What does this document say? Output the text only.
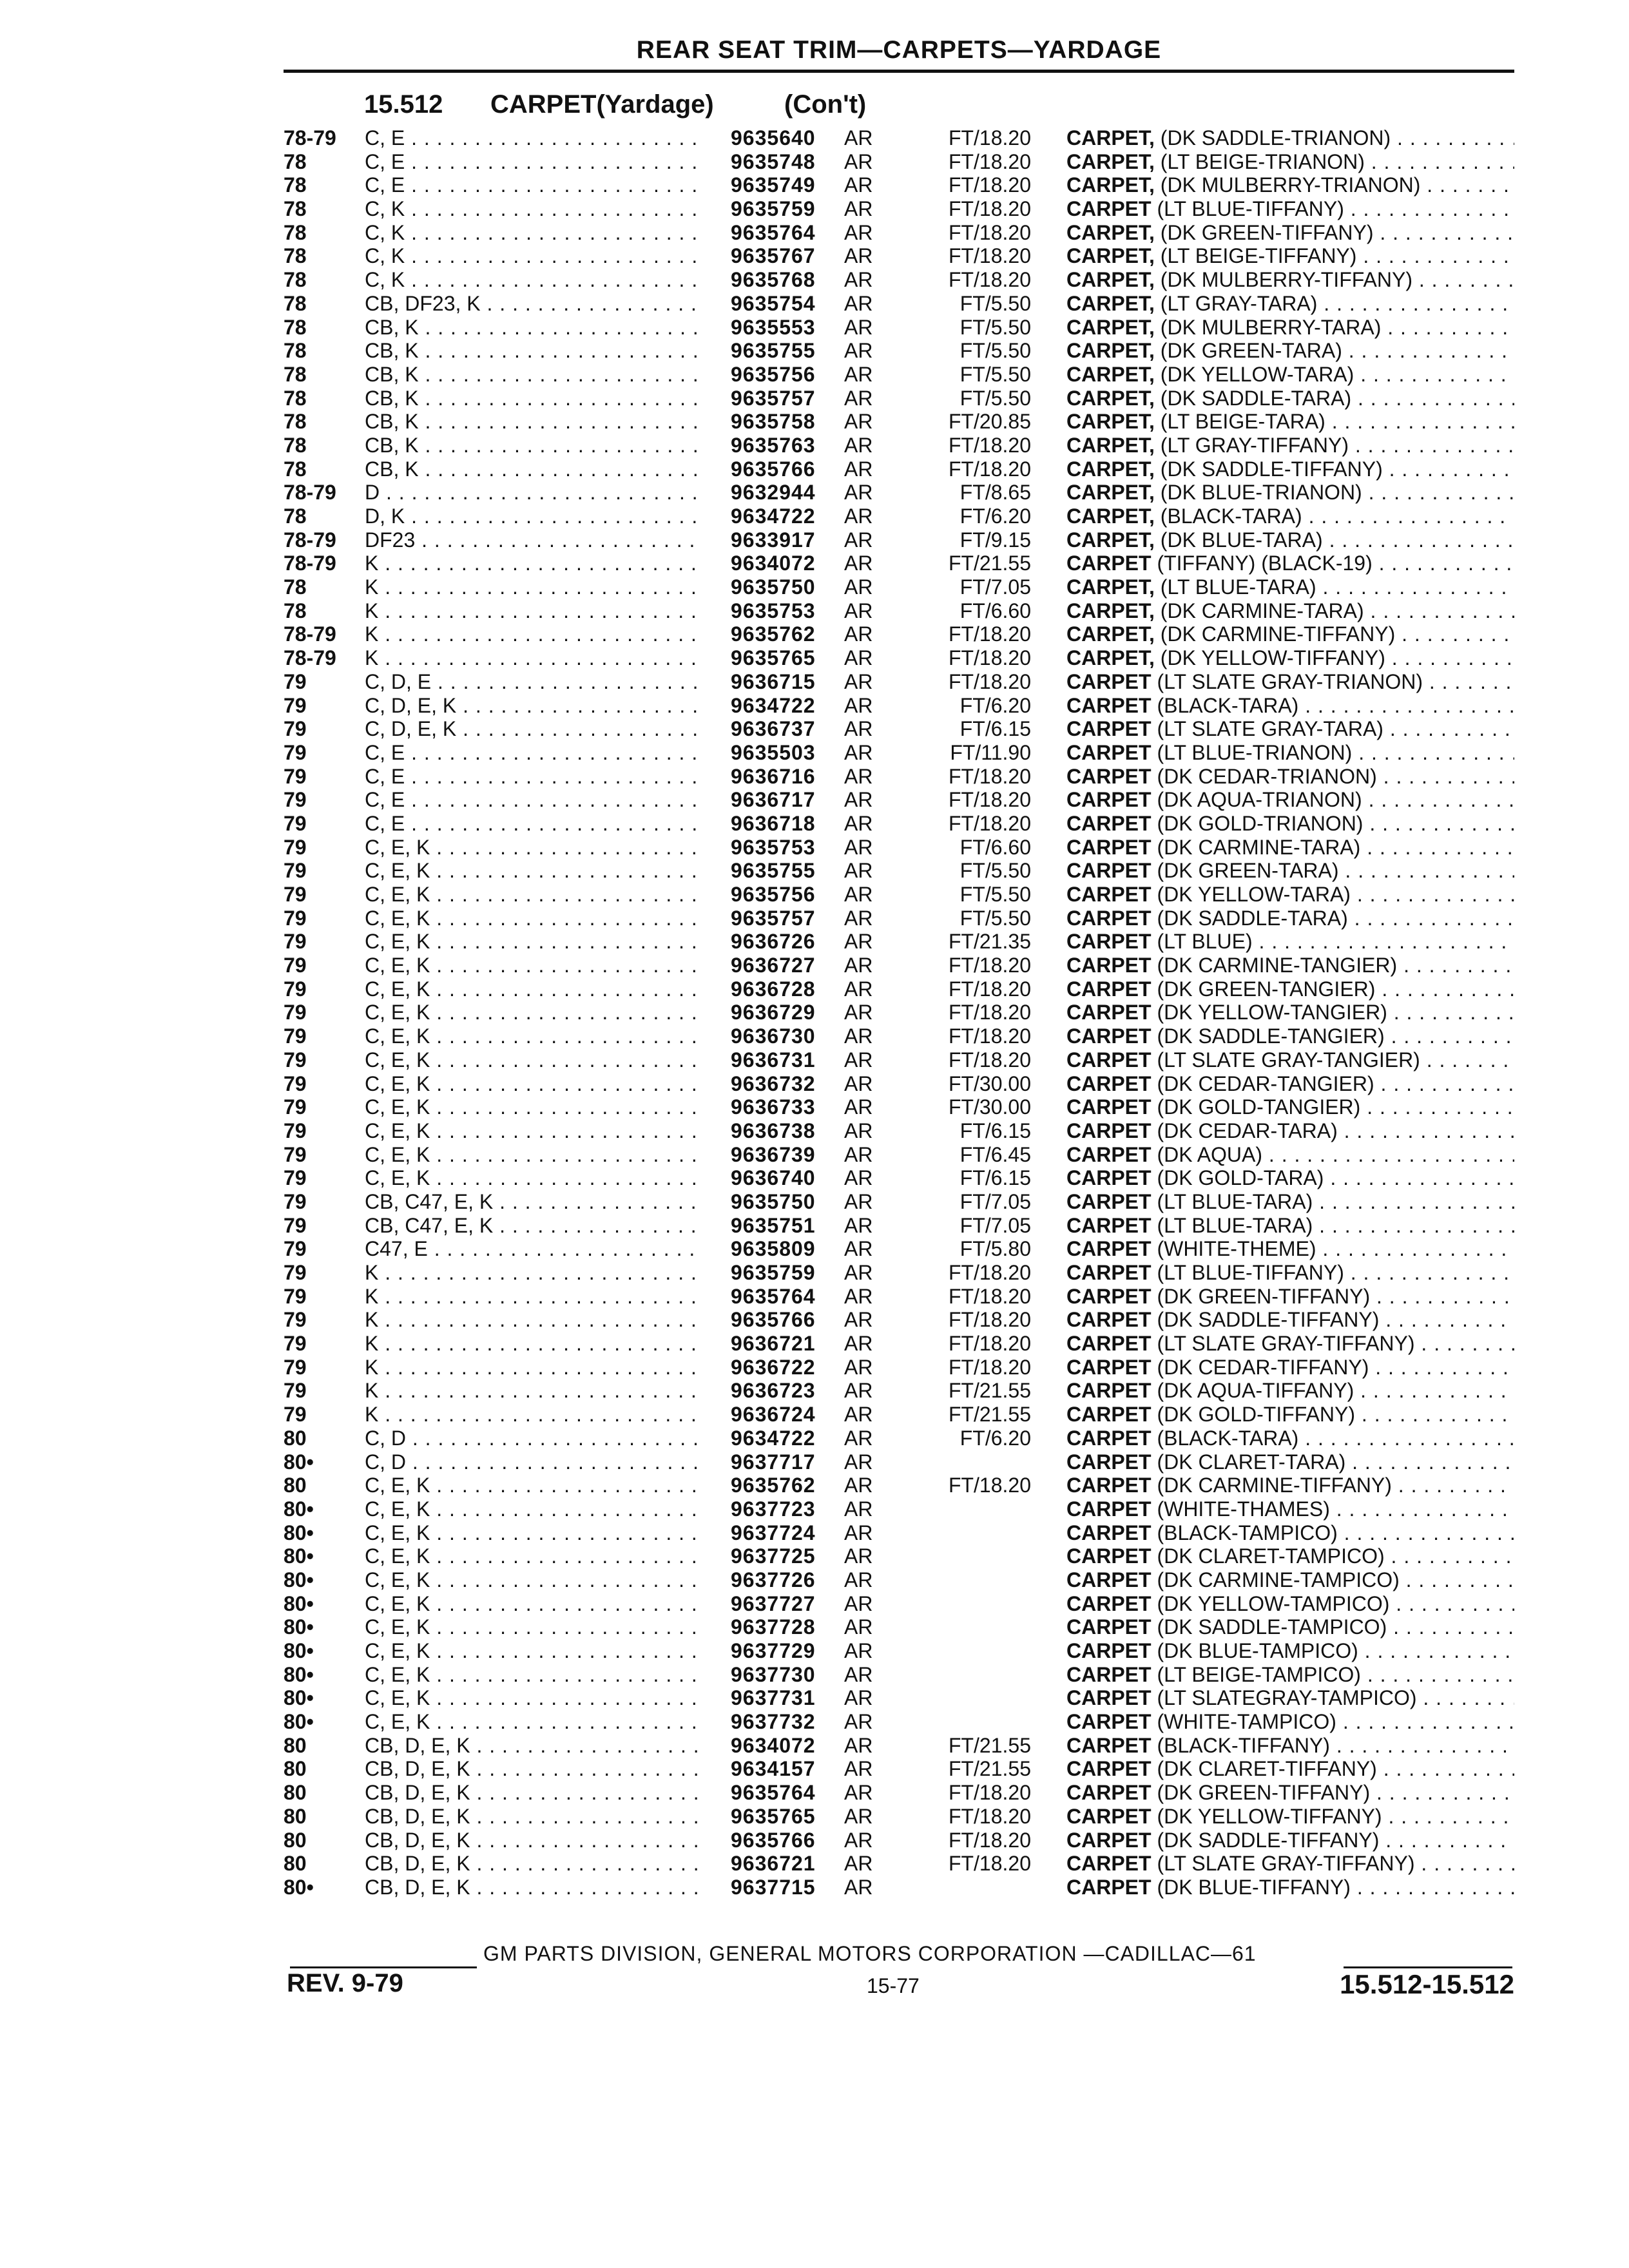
REAR SEAT TRIM—CARPETS—YARDAGE
15.512 CARPET(Yardage)	(Con't)
78-79 C, E . . .	9635640 AR	FT/18.20 CARPET, (DK SADDLE-TRIANON) . . .
78	C, E . . .	9635748 AR	FT/18.20 CARPET, (LT BEIGE-TRIANON) . . .
78	C, E . . .	9635749 AR	FT/18.20 CARPET, (DK MULBERRY-TRIANON) . . .
78	C, K . . .	9635759 AR	FT/18.20 CARPET (LT BLUE-TIFFANY) . . .
78	C, K . . .	9635764 AR	FT/18.20 CARPET, (DK GREEN-TIFFANY) . . .
78	C, K . . .	9635767 AR	FT/18.20 CARPET, (LT BEIGE-TIFFANY) . . .
78	C, K . . .	9635768 AR	FT/18.20 CARPET, (DK MULBERRY-TIFFANY) . . .
78	CB, DF23, K . . .	9635754 AR	FT/5.50 CARPET, (LT GRAY-TARA) . . .
78	CB, K . . .	9635553 AR	FT/5.50 CARPET, (DK MULBERRY-TARA) . . .
78	CB, K . . .	9635755 AR	FT/5.50 CARPET, (DK GREEN-TARA) . . .
78	CB, K . . .	9635756 AR	FT/5.50 CARPET, (DK YELLOW-TARA) . . .
78	CB, K . . .	9635757 AR	FT/5.50 CARPET, (DK SADDLE-TARA) . . .
78	CB, K . . .	9635758 AR	FT/20.85 CARPET, (LT BEIGE-TARA) . . .
78	CB, K . . .	9635763 AR	FT/18.20 CARPET, (LT GRAY-TIFFANY) . . .
78	CB, K . . .	9635766 AR	FT/18.20 CARPET, (DK SADDLE-TIFFANY) . . .
78-79 D . . .	9632944 AR	FT/8.65 CARPET, (DK BLUE-TRIANON) . . .
78	D, K . . .	9634722 AR	FT/6.20 CARPET, (BLACK-TARA) . . .
78-79 DF23 . . .	9633917 AR	FT/9.15 CARPET, (DK BLUE-TARA) . . .
78-79 K . . .	9634072 AR	FT/21.55 CARPET (TIFFANY) (BLACK-19) . . .
78	K . . .	9635750 AR	FT/7.05 CARPET, (LT BLUE-TARA) . . .
78	K . . .	9635753 AR	FT/6.60 CARPET, (DK CARMINE-TARA) . . .
78-79 K . . .	9635762 AR	FT/18.20 CARPET, (DK CARMINE-TIFFANY) . . .
78-79 K . . .	9635765 AR	FT/18.20 CARPET, (DK YELLOW-TIFFANY) . . .
79	C, D, E . . .	9636715 AR	FT/18.20 CARPET (LT SLATE GRAY-TRIANON) . . .
79	C, D, E, K . . .	9634722 AR	FT/6.20 CARPET (BLACK-TARA) . . .
79	C, D, E, K . . .	9636737 AR	FT/6.15 CARPET (LT SLATE GRAY-TARA) . . .
79	C, E . . .	9635503 AR	FT/11.90 CARPET (LT BLUE-TRIANON) . . .
79	C, E . . .	9636716 AR	FT/18.20 CARPET (DK CEDAR-TRIANON) . . .
79	C, E . . .	9636717 AR	FT/18.20 CARPET (DK AQUA-TRIANON) . . .
79	C, E . . .	9636718 AR	FT/18.20 CARPET (DK GOLD-TRIANON) . . .
79	C, E, K . . .	9635753 AR	FT/6.60 CARPET (DK CARMINE-TARA) . . .
79	C, E, K . . .	9635755 AR	FT/5.50 CARPET (DK GREEN-TARA) . . .
79	C, E, K . . .	9635756 AR	FT/5.50 CARPET (DK YELLOW-TARA) . . .
79	C, E, K . . .	9635757 AR	FT/5.50 CARPET (DK SADDLE-TARA) . . .
79	C, E, K . . .	9636726 AR	FT/21.35 CARPET (LT BLUE) . . .
79	C, E, K . . .	9636727 AR	FT/18.20 CARPET (DK CARMINE-TANGIER) . . .
79	C, E, K . . .	9636728 AR	FT/18.20 CARPET (DK GREEN-TANGIER) . . .
79	C, E, K . . .	9636729 AR	FT/18.20 CARPET (DK YELLOW-TANGIER) . . .
79	C, E, K . . .	9636730 AR	FT/18.20 CARPET (DK SADDLE-TANGIER) . . .
79	C, E, K . . .	9636731 AR	FT/18.20 CARPET (LT SLATE GRAY-TANGIER) . . .
79	C, E, K . . .	9636732 AR	FT/30.00 CARPET (DK CEDAR-TANGIER) . . .
79	C, E, K . . .	9636733 AR	FT/30.00 CARPET (DK GOLD-TANGIER) . . .
79	C, E, K . . .	9636738 AR	FT/6.15 CARPET (DK CEDAR-TARA) . . .
79	C, E, K . . .	9636739 AR	FT/6.45 CARPET (DK AQUA) . . .
79	C, E, K . . .	9636740 AR	FT/6.15 CARPET (DK GOLD-TARA) . . .
79	CB, C47, E, K . . .	9635750 AR	FT/7.05 CARPET (LT BLUE-TARA) . . .
79	CB, C47, E, K . . .	9635751 AR	FT/7.05 CARPET (LT BLUE-TARA) . . .
79	C47, E . . .	9635809 AR	FT/5.80 CARPET (WHITE-THEME) . . .
79	K . . .	9635759 AR	FT/18.20 CARPET (LT BLUE-TIFFANY) . . .
79	K . . .	9635764 AR	FT/18.20 CARPET (DK GREEN-TIFFANY) . . .
79	K . . .	9635766 AR	FT/18.20 CARPET (DK SADDLE-TIFFANY) . . .
79	K . . .	9636721 AR	FT/18.20 CARPET (LT SLATE GRAY-TIFFANY) . . .
79	K . . .	9636722 AR	FT/18.20 CARPET (DK CEDAR-TIFFANY) . . .
79	K . . .	9636723 AR	FT/21.55 CARPET (DK AQUA-TIFFANY) . . .
79	K . . .	9636724 AR	FT/21.55 CARPET (DK GOLD-TIFFANY) . . .
80	C, D . . .	9634722 AR	FT/6.20 CARPET (BLACK-TARA) . . .
80• C, D . . .	9637717 AR	CARPET (DK CLARET-TARA) . . .
80	C, E, K . . .	9635762 AR	FT/18.20 CARPET (DK CARMINE-TIFFANY) . . .
80• C, E, K . . .	9637723 AR	CARPET (WHITE-THAMES) . . .
80• C, E, K . . .	9637724 AR	CARPET (BLACK-TAMPICO) . . .
80• C, E, K . . .	9637725 AR	CARPET (DK CLARET-TAMPICO) . . .
80• C, E, K . . .	9637726 AR	CARPET (DK CARMINE-TAMPICO) . . .
80• C, E, K . . .	9637727 AR	CARPET (DK YELLOW-TAMPICO) . . .
80• C, E, K . . .	9637728 AR	CARPET (DK SADDLE-TAMPICO) . . .
80• C, E, K . . .	9637729 AR	CARPET (DK BLUE-TAMPICO) . . .
80• C, E, K . . .	9637730 AR	CARPET (LT BEIGE-TAMPICO) . . .
80• C, E, K . . .	9637731 AR	CARPET (LT SLATEGRAY-TAMPICO) . . .
80• C, E, K . . .	9637732 AR	CARPET (WHITE-TAMPICO) . . .
80	CB, D, E, K . . .	9634072 AR	FT/21.55 CARPET (BLACK-TIFFANY) . . .
80	CB, D, E, K . . .	9634157 AR	FT/21.55 CARPET (DK CLARET-TIFFANY) . . .
80	CB, D, E, K . . .	9635764 AR	FT/18.20 CARPET (DK GREEN-TIFFANY) . . .
80	CB, D, E, K . . .	9635765 AR	FT/18.20 CARPET (DK YELLOW-TIFFANY) . . .
80	CB, D, E, K . . .	9635766 AR	FT/18.20 CARPET (DK SADDLE-TIFFANY) . . .
80	CB, D, E, K . . .	9636721 AR	FT/18.20 CARPET (LT SLATE GRAY-TIFFANY) . . .
80• CB, D, E, K . . .	9637715 AR	CARPET (DK BLUE-TIFFANY) . . .
GM PARTS DIVISION, GENERAL MOTORS CORPORATION —CADILLAC—61
REV. 9-79	15-77	15.512-15.512
